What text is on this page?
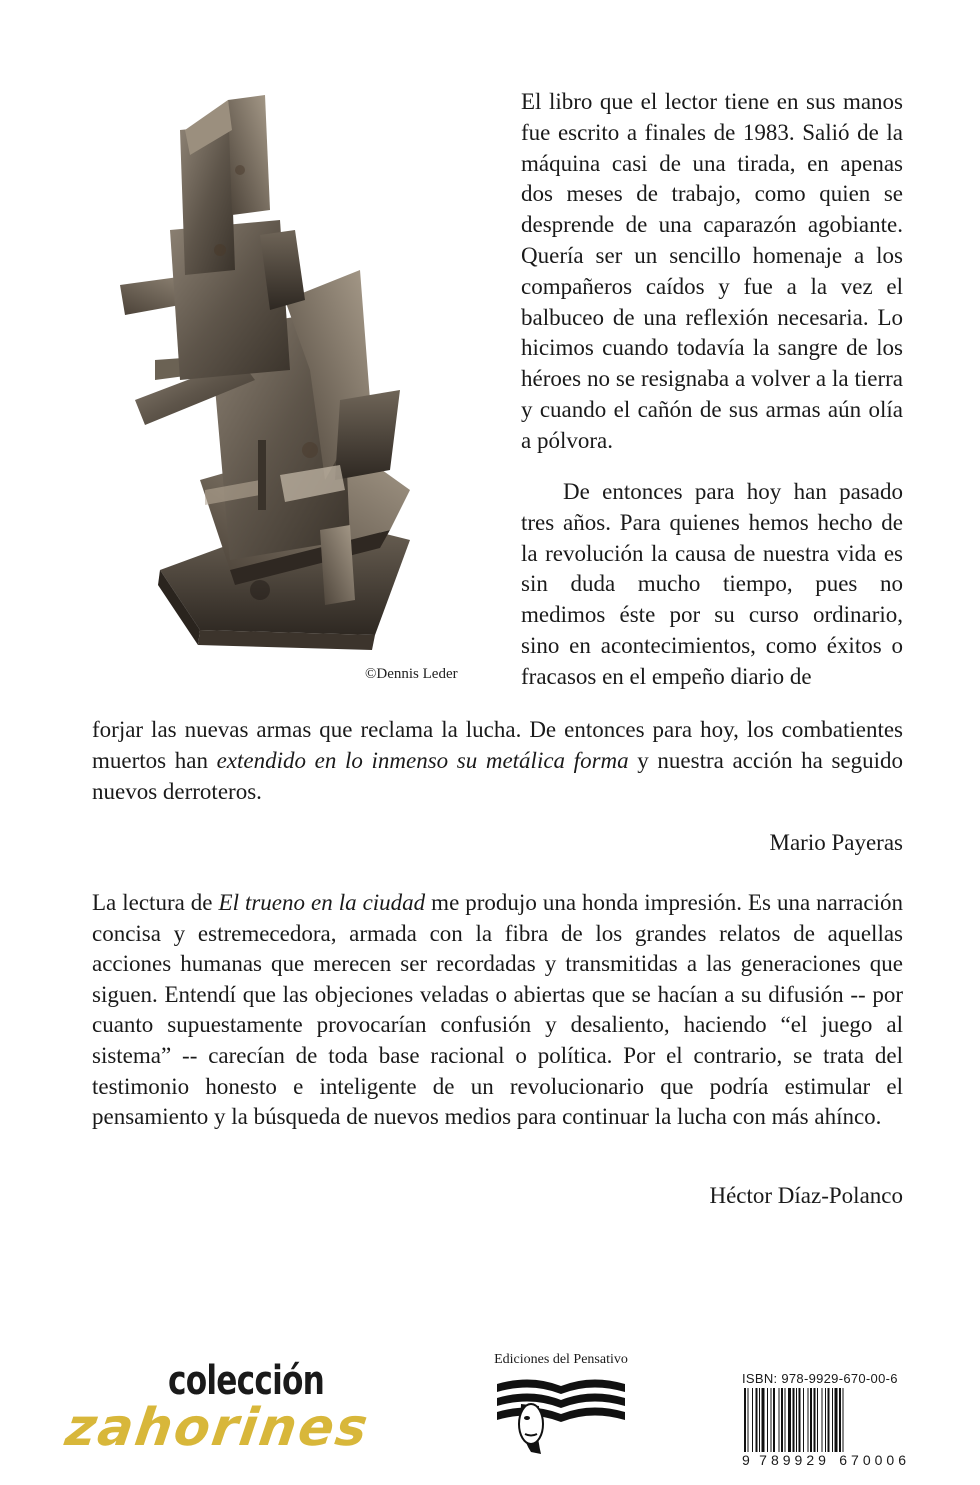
©Dennis Leder

El libro que el lector tiene en sus manos fue escrito a finales de 1983. Salió de la máquina casi de una tirada, en apenas dos meses de trabajo, como quien se desprende de una caparazón agobiante. Quería ser un sencillo homenaje a los compañeros caídos y fue a la vez el balbuceo de una reflexión necesaria. Lo hicimos cuando todavía la sangre de los héroes no se resignaba a volver a la tierra y cuando el cañón de sus armas aún olía a pólvora.

De entonces para hoy han pasado tres años. Para quienes hemos hecho de la revolución la causa de nuestra vida es sin duda mucho tiempo, pues no medimos éste por su curso ordinario, sino en acontecimientos, como éxitos o fracasos en el empeño diario de

forjar las nuevas armas que reclama la lucha. De entonces para hoy, los combatientes muertos han extendido en lo inmenso su metálica forma y nuestra acción ha seguido nuevos derroteros.

Mario Payeras

La lectura de El trueno en la ciudad me produjo una honda impresión. Es una narración concisa y estremecedora, armada con la fibra de los grandes relatos de aquellas acciones humanas que merecen ser recordadas y transmitidas a las generaciones que siguen. Entendí que las objeciones veladas o abiertas que se hacían a su difusión -- por cuanto supuestamente provocarían confusión y desaliento, haciendo “el juego al sistema” -- carecían de toda base racional o política. Por el contrario, se trata del testimonio honesto e inteligente de un revolucionario que podría estimular el pensamiento y la búsqueda de nuevos medios para continuar la lucha con más ahínco.

Héctor Díaz-Polanco
colección
zahorines
Ediciones del Pensativo
ISBN: 978-9929-670-00-6
9 789929 670006
